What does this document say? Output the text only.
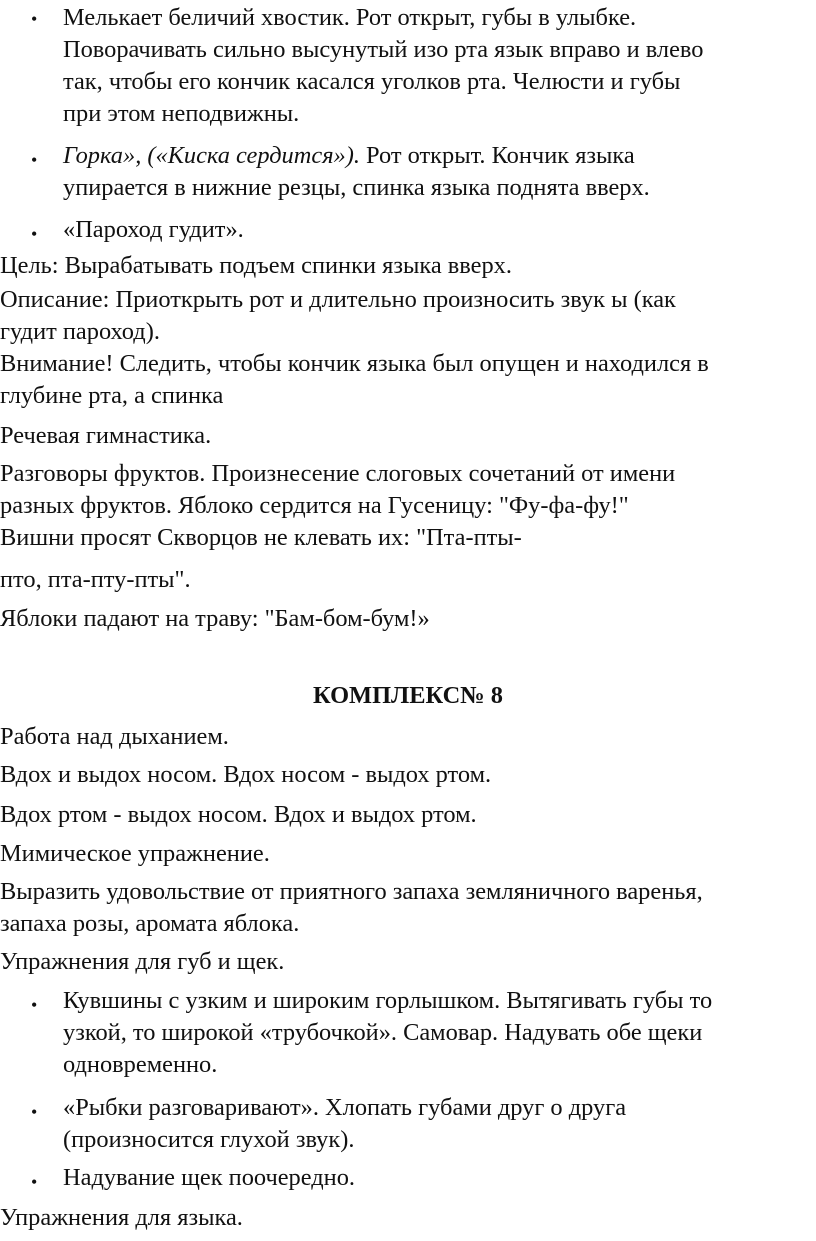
• Мелькает беличий хвостик. Рот открыт, губы в улыбке.
Поворачивать сильно высунутый изо рта язык вправо и влево
так, чтобы его кончик касался уголков рта. Челюсти и губы
при этом неподвижны.
• Горка», («Киска сердится»). Рот открыт. Кончик языка
упирается в нижние резцы, спинка языка поднята вверх.
• «Пароход гудит».
Цель: Вырабатывать подъем спинки языка вверх.
Описание: Приоткрыть рот и длительно произносить звук ы (как
гудит пароход).
Внимание! Следить, чтобы кончик языка был опущен и находился в
глубине рта, а спинка
Речевая гимнастика.
Разговоры фруктов. Произнесение слоговых сочетаний от имени
разных фруктов. Яблоко сердится на Гусеницу: "Фу-фа-фу!"
Вишни просят Скворцов не клевать их: "Пта-пты-
пто, пта-пту-пты".
Яблоки падают на траву: "Бам-бом-бум!»
КОМПЛЕКС№ 8
Работа над дыханием.
Вдох и выдох носом. Вдох носом - выдох ртом.
Вдох ртом - выдох носом. Вдох и выдох ртом.
Мимическое упражнение.
Выразить удовольствие от приятного запаха земляничного варенья,
запаха розы, аромата яблока.
Упражнения для губ и щек.
• Кувшины с узким и широким горлышком. Вытягивать губы то
узкой, то широкой «трубочкой». Самовар. Надувать обе щеки
одновременно.
• «Рыбки разговаривают». Хлопать губами друг о друга
(произносится глухой звук).
• Надувание щек поочередно.
Упражнения для языка.
